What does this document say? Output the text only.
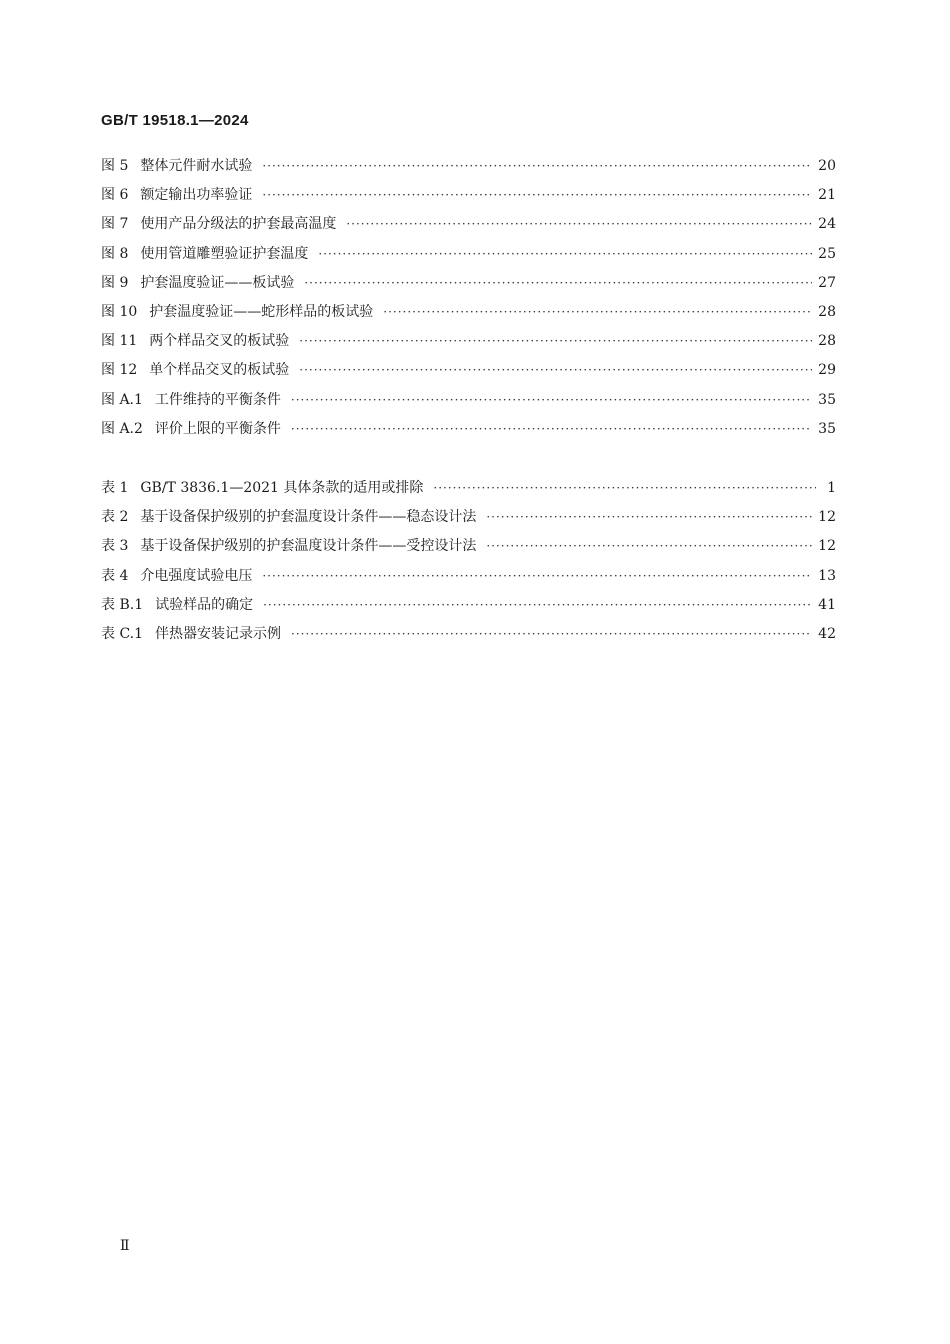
GB/T 19518.1—2024
图 5 整体元件耐水试验 ·····	20
图 6 额定输出功率验证 ·····	21
图 7 使用产品分级法的护套最高温度 ·····	24
图 8 使用管道雕塑验证护套温度 ·····	25
图 9 护套温度验证——板试验 ·····	27
图 10 护套温度验证——蛇形样品的板试验 ·····	28
图 11 两个样品交叉的板试验 ·····	28
图 12 单个样品交叉的板试验 ·····	29
图 A.1 工件维持的平衡条件 ·····	35
图 A.2 评价上限的平衡条件 ·····	35
表 1 GB/T 3836.1—2021 具体条款的适用或排除 ·····	1
表 2 基于设备保护级别的护套温度设计条件——稳态设计法 ·····	12
表 3 基于设备保护级别的护套温度设计条件——受控设计法 ·····	12
表 4 介电强度试验电压 ·····	13
表 B.1 试验样品的确定 ·····	41
表 C.1 伴热器安装记录示例 ·····	42
Ⅱ
